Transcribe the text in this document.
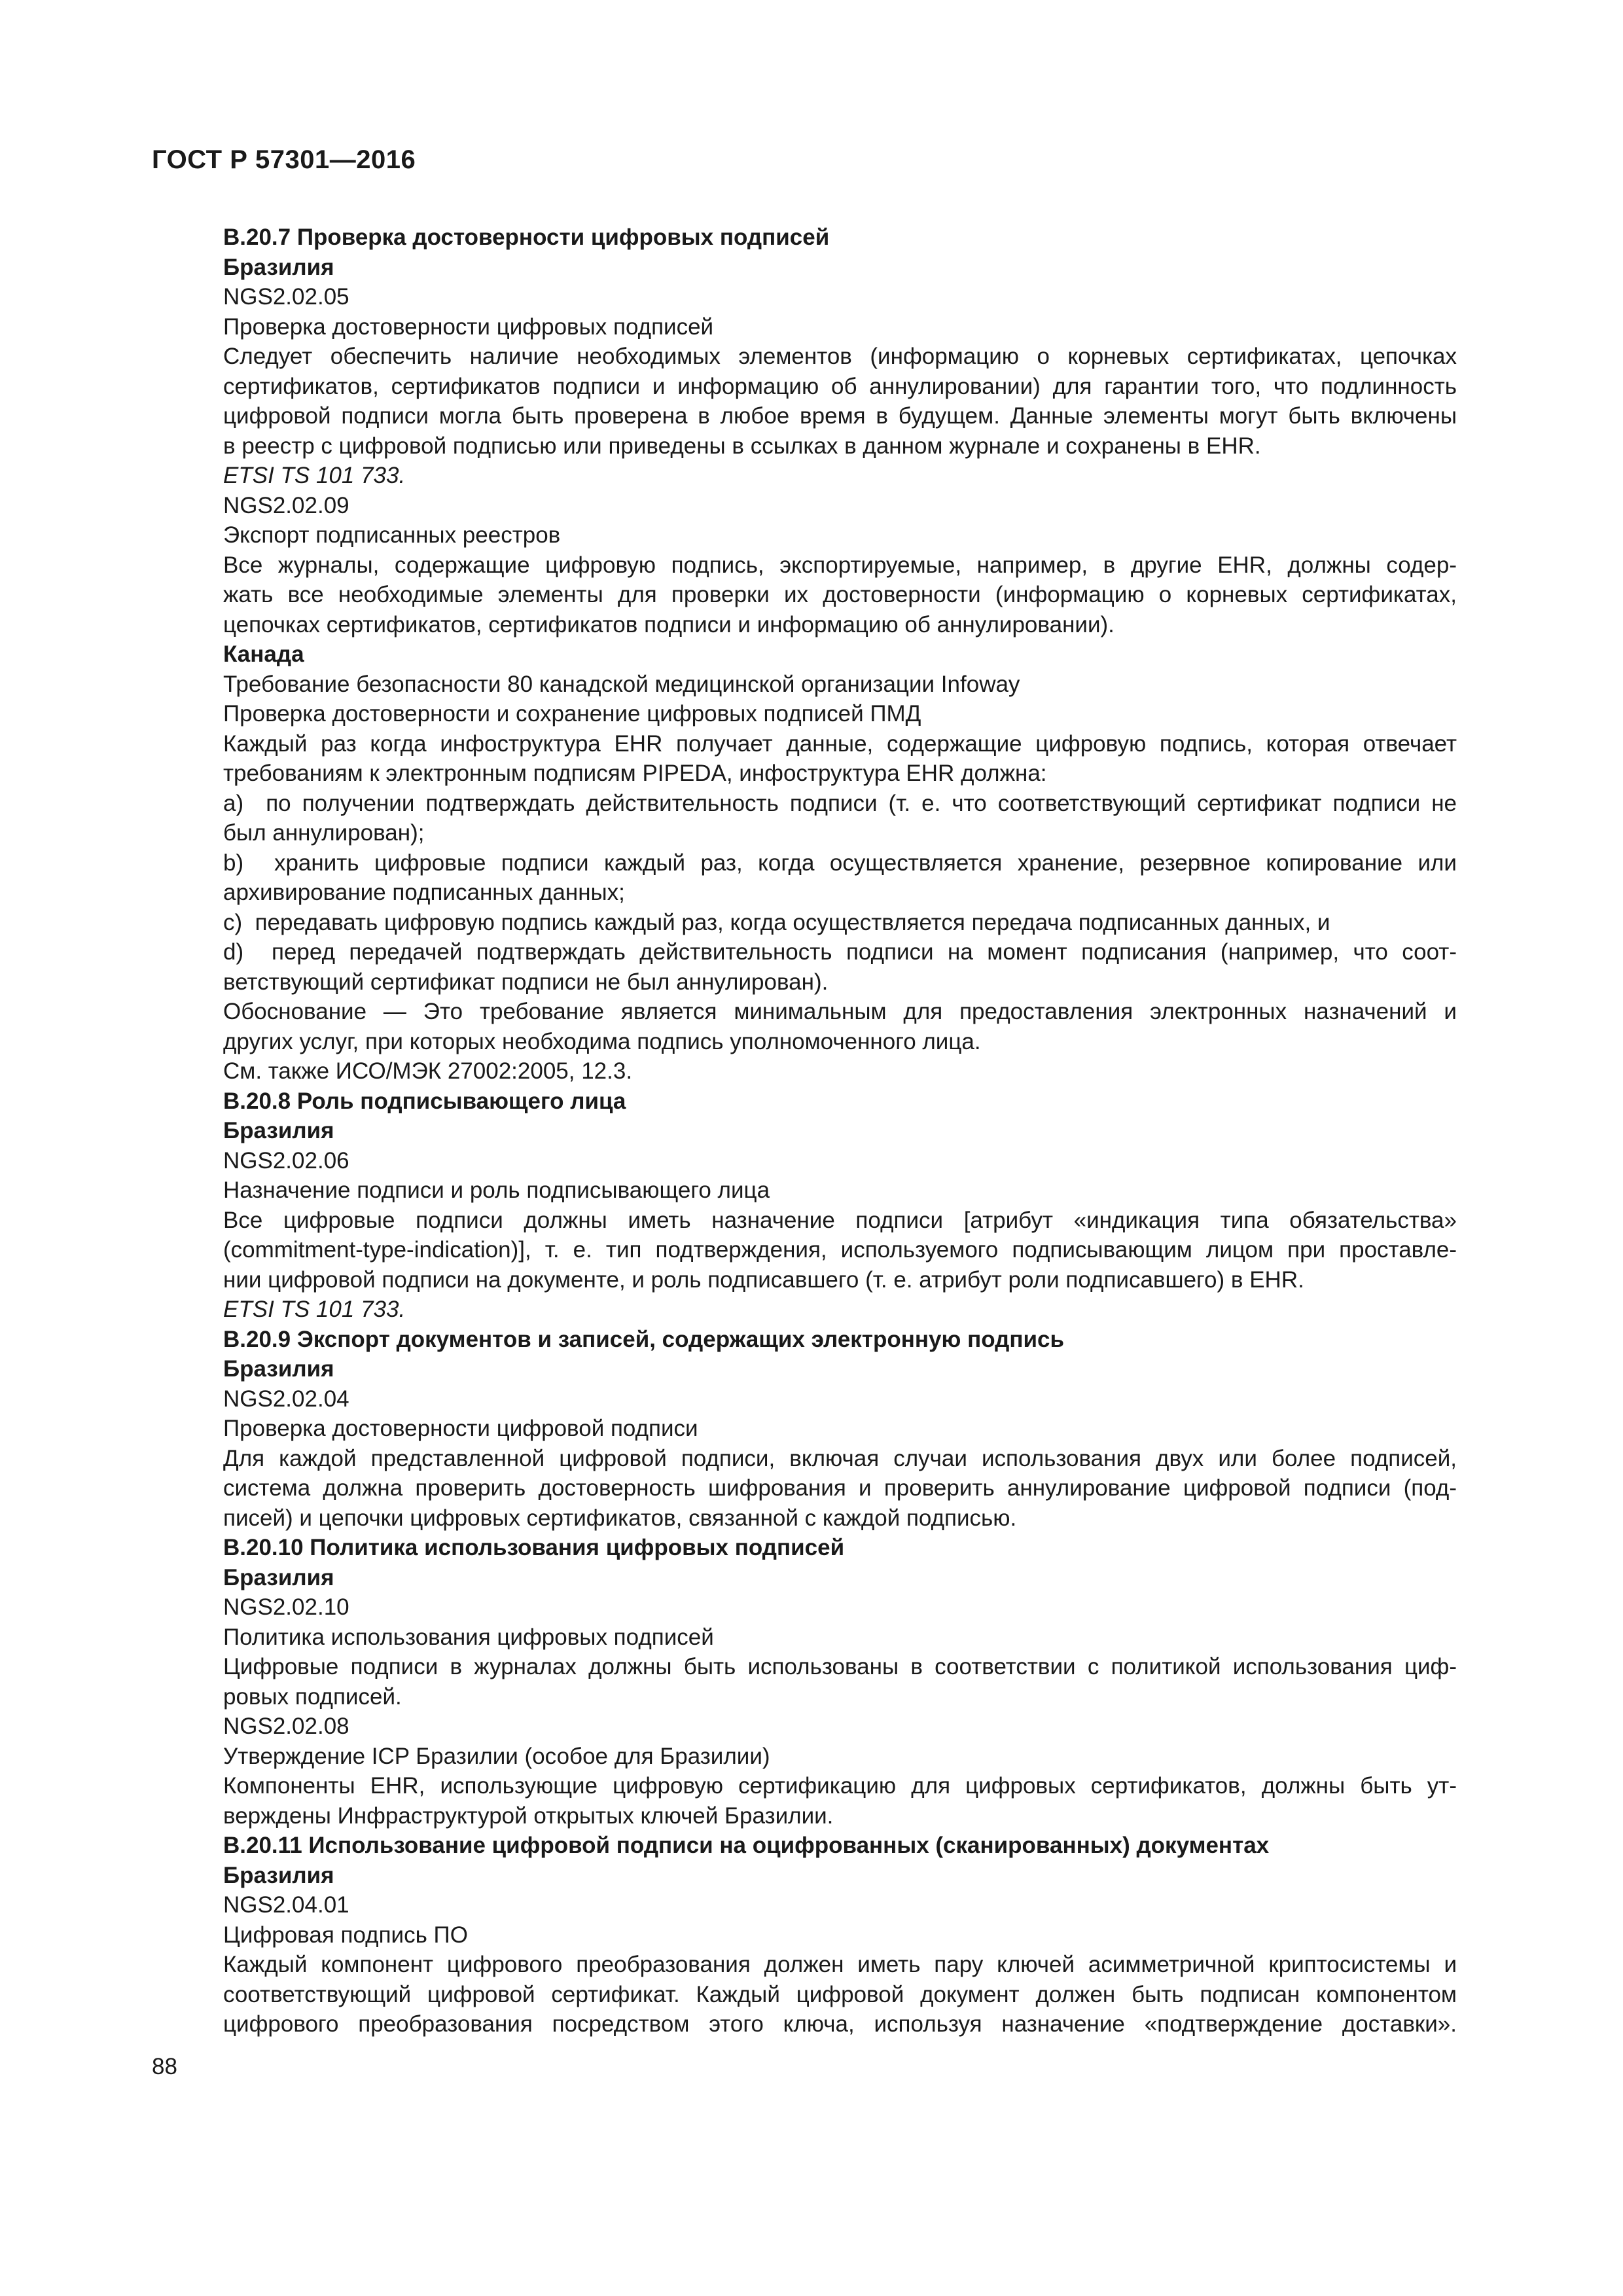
ГОСТ Р 57301—2016
B.20.7 Проверка достоверности цифровых подписей
Бразилия
NGS2.02.05
Проверка достоверности цифровых подписей
Следует обеспечить наличие необходимых элементов (информацию о корневых сертификатах, цепочках
сертификатов, сертификатов подписи и информацию об аннулировании) для гарантии того, что подлинность
цифровой подписи могла быть проверена в любое время в будущем. Данные элементы могут быть включены
в реестр с цифровой подписью или приведены в ссылках в данном журнале и сохранены в EHR.
ETSI TS 101 733.
NGS2.02.09
Экспорт подписанных реестров
Все журналы, содержащие цифровую подпись, экспортируемые, например, в другие EHR, должны содер-
жать все необходимые элементы для проверки их достоверности (информацию о корневых сертификатах,
цепочках сертификатов, сертификатов подписи и информацию об аннулировании).
Канада
Требование безопасности 80 канадской медицинской организации Infoway
Проверка достоверности и сохранение цифровых подписей ПМД
Каждый раз когда инфоструктура EHR получает данные, содержащие цифровую подпись, которая отвечает
требованиям к электронным подписям PIPEDA, инфоструктура EHR должна:
a)  по получении подтверждать действительность подписи (т. е. что соответствующий сертификат подписи не
был аннулирован);
b)  хранить цифровые подписи каждый раз, когда осуществляется хранение, резервное копирование или
архивирование подписанных данных;
c)  передавать цифровую подпись каждый раз, когда осуществляется передача подписанных данных, и
d)  перед передачей подтверждать действительность подписи на момент подписания (например, что соот-
ветствующий сертификат подписи не был аннулирован).
Обоснование — Это требование является минимальным для предоставления электронных назначений и
других услуг, при которых необходима подпись уполномоченного лица.
См. также ИСО/МЭК 27002:2005, 12.3.
B.20.8 Роль подписывающего лица
Бразилия
NGS2.02.06
Назначение подписи и роль подписывающего лица
Все цифровые подписи должны иметь назначение подписи [атрибут «индикация типа обязательства»
(commitment-type-indication)], т. е. тип подтверждения, используемого подписывающим лицом при проставле-
нии цифровой подписи на документе, и роль подписавшего (т. е. атрибут роли подписавшего) в EHR.
ETSI TS 101 733.
B.20.9 Экспорт документов и записей, содержащих электронную подпись
Бразилия
NGS2.02.04
Проверка достоверности цифровой подписи
Для каждой представленной цифровой подписи, включая случаи использования двух или более подписей,
система должна проверить достоверность шифрования и проверить аннулирование цифровой подписи (под-
писей) и цепочки цифровых сертификатов, связанной с каждой подписью.
B.20.10 Политика использования цифровых подписей
Бразилия
NGS2.02.10
Политика использования цифровых подписей
Цифровые подписи в журналах должны быть использованы в соответствии с политикой использования циф-
ровых подписей.
NGS2.02.08
Утверждение ICP Бразилии (особое для Бразилии)
Компоненты EHR, использующие цифровую сертификацию для цифровых сертификатов, должны быть ут-
верждены Инфраструктурой открытых ключей Бразилии.
B.20.11 Использование цифровой подписи на оцифрованных (сканированных) документах
Бразилия
NGS2.04.01
Цифровая подпись ПО
Каждый компонент цифрового преобразования должен иметь пару ключей асимметричной криптосистемы и
соответствующий цифровой сертификат. Каждый цифровой документ должен быть подписан компонентом
цифрового преобразования посредством этого ключа, используя назначение «подтверждение доставки».
88
